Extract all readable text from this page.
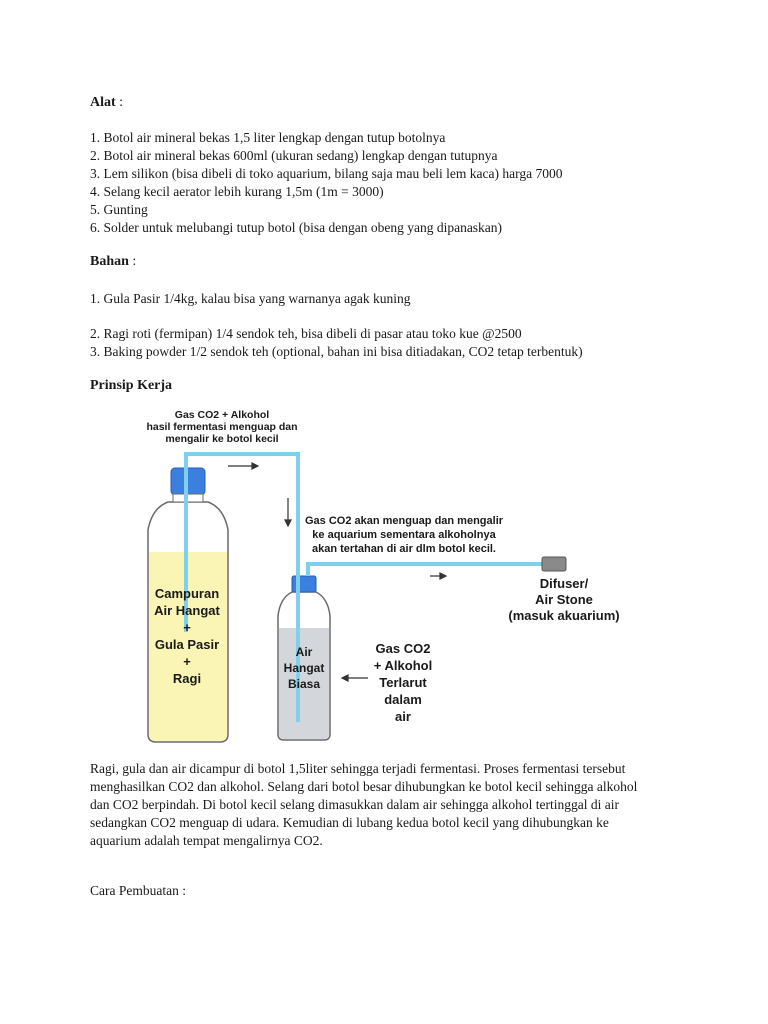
Alat :
1. Botol air mineral bekas 1,5 liter lengkap dengan tutup botolnya
2. Botol air mineral bekas 600ml (ukuran sedang) lengkap dengan tutupnya
3. Lem silikon (bisa dibeli di toko aquarium, bilang saja mau beli lem kaca) harga 7000
4. Selang kecil aerator lebih kurang 1,5m (1m = 3000)
5. Gunting
6. Solder untuk melubangi tutup botol (bisa dengan obeng yang dipanaskan)
Bahan :
1. Gula Pasir 1/4kg, kalau bisa yang warnanya agak kuning
2. Ragi roti (fermipan) 1/4 sendok teh, bisa dibeli di pasar atau toko kue @2500
3. Baking powder 1/2 sendok teh (optional, bahan ini bisa ditiadakan, CO2 tetap terbentuk)
Prinsip Kerja
Gas CO2 + Alkohol
hasil fermentasi menguap dan
mengalir ke botol kecil
Gas CO2 akan menguap dan mengalir
ke aquarium sementara alkoholnya
akan tertahan di air dlm botol kecil.
Campuran
Air Hangat
+
Gula Pasir
+
Ragi
Air
Hangat
Biasa
Difuser/
Air Stone
(masuk akuarium)
Gas CO2
+ Alkohol
Terlarut
dalam
air
Ragi, gula dan air dicampur di botol 1,5liter sehingga terjadi fermentasi. Proses fermentasi tersebut menghasilkan CO2 dan alkohol. Selang dari botol besar dihubungkan ke botol kecil sehingga alkohol dan CO2 berpindah. Di botol kecil selang dimasukkan dalam air sehingga alkohol tertinggal di air sedangkan CO2 menguap di udara. Kemudian di lubang kedua botol kecil yang dihubungkan ke aquarium adalah tempat mengalirnya CO2.
Cara Pembuatan :
